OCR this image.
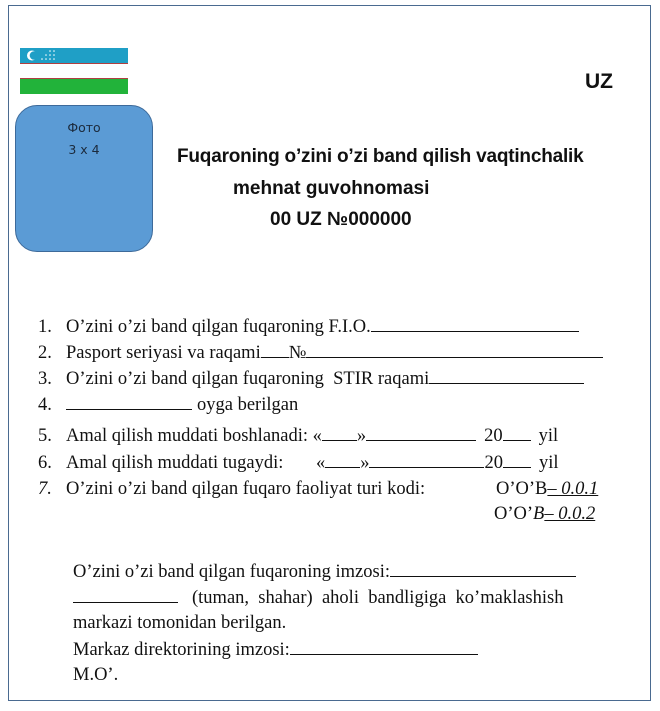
Фото
3 x 4
UZ
Fuqaroning o’zini o’zi band qilish vaqtinchalik
mehnat guvohnomasi
00 UZ №000000
1. O’zini o’zi band qilgan fuqaroning F.I.O.
2. Pasport seriyasi va raqami №
3. O’zini o’zi band qilgan fuqaroning  STIR raqami
4.	oyga berilgan
5. Amal qilish muddati boshlanadi: « »	20 yil
6. Amal qilish muddati tugaydi: « »	20 yil
7. O’zini o’zi band qilgan fuqaro faoliyat turi kodi:	O’O’B– 0.0.1
O’O’B– 0.0.2
O’zini o’zi band qilgan fuqaroning imzosi:
(tuman,  shahar)  aholi  bandligiga  ko’maklashish
markazi tomonidan berilgan.
Markaz direktorining imzosi:
M.O’.
